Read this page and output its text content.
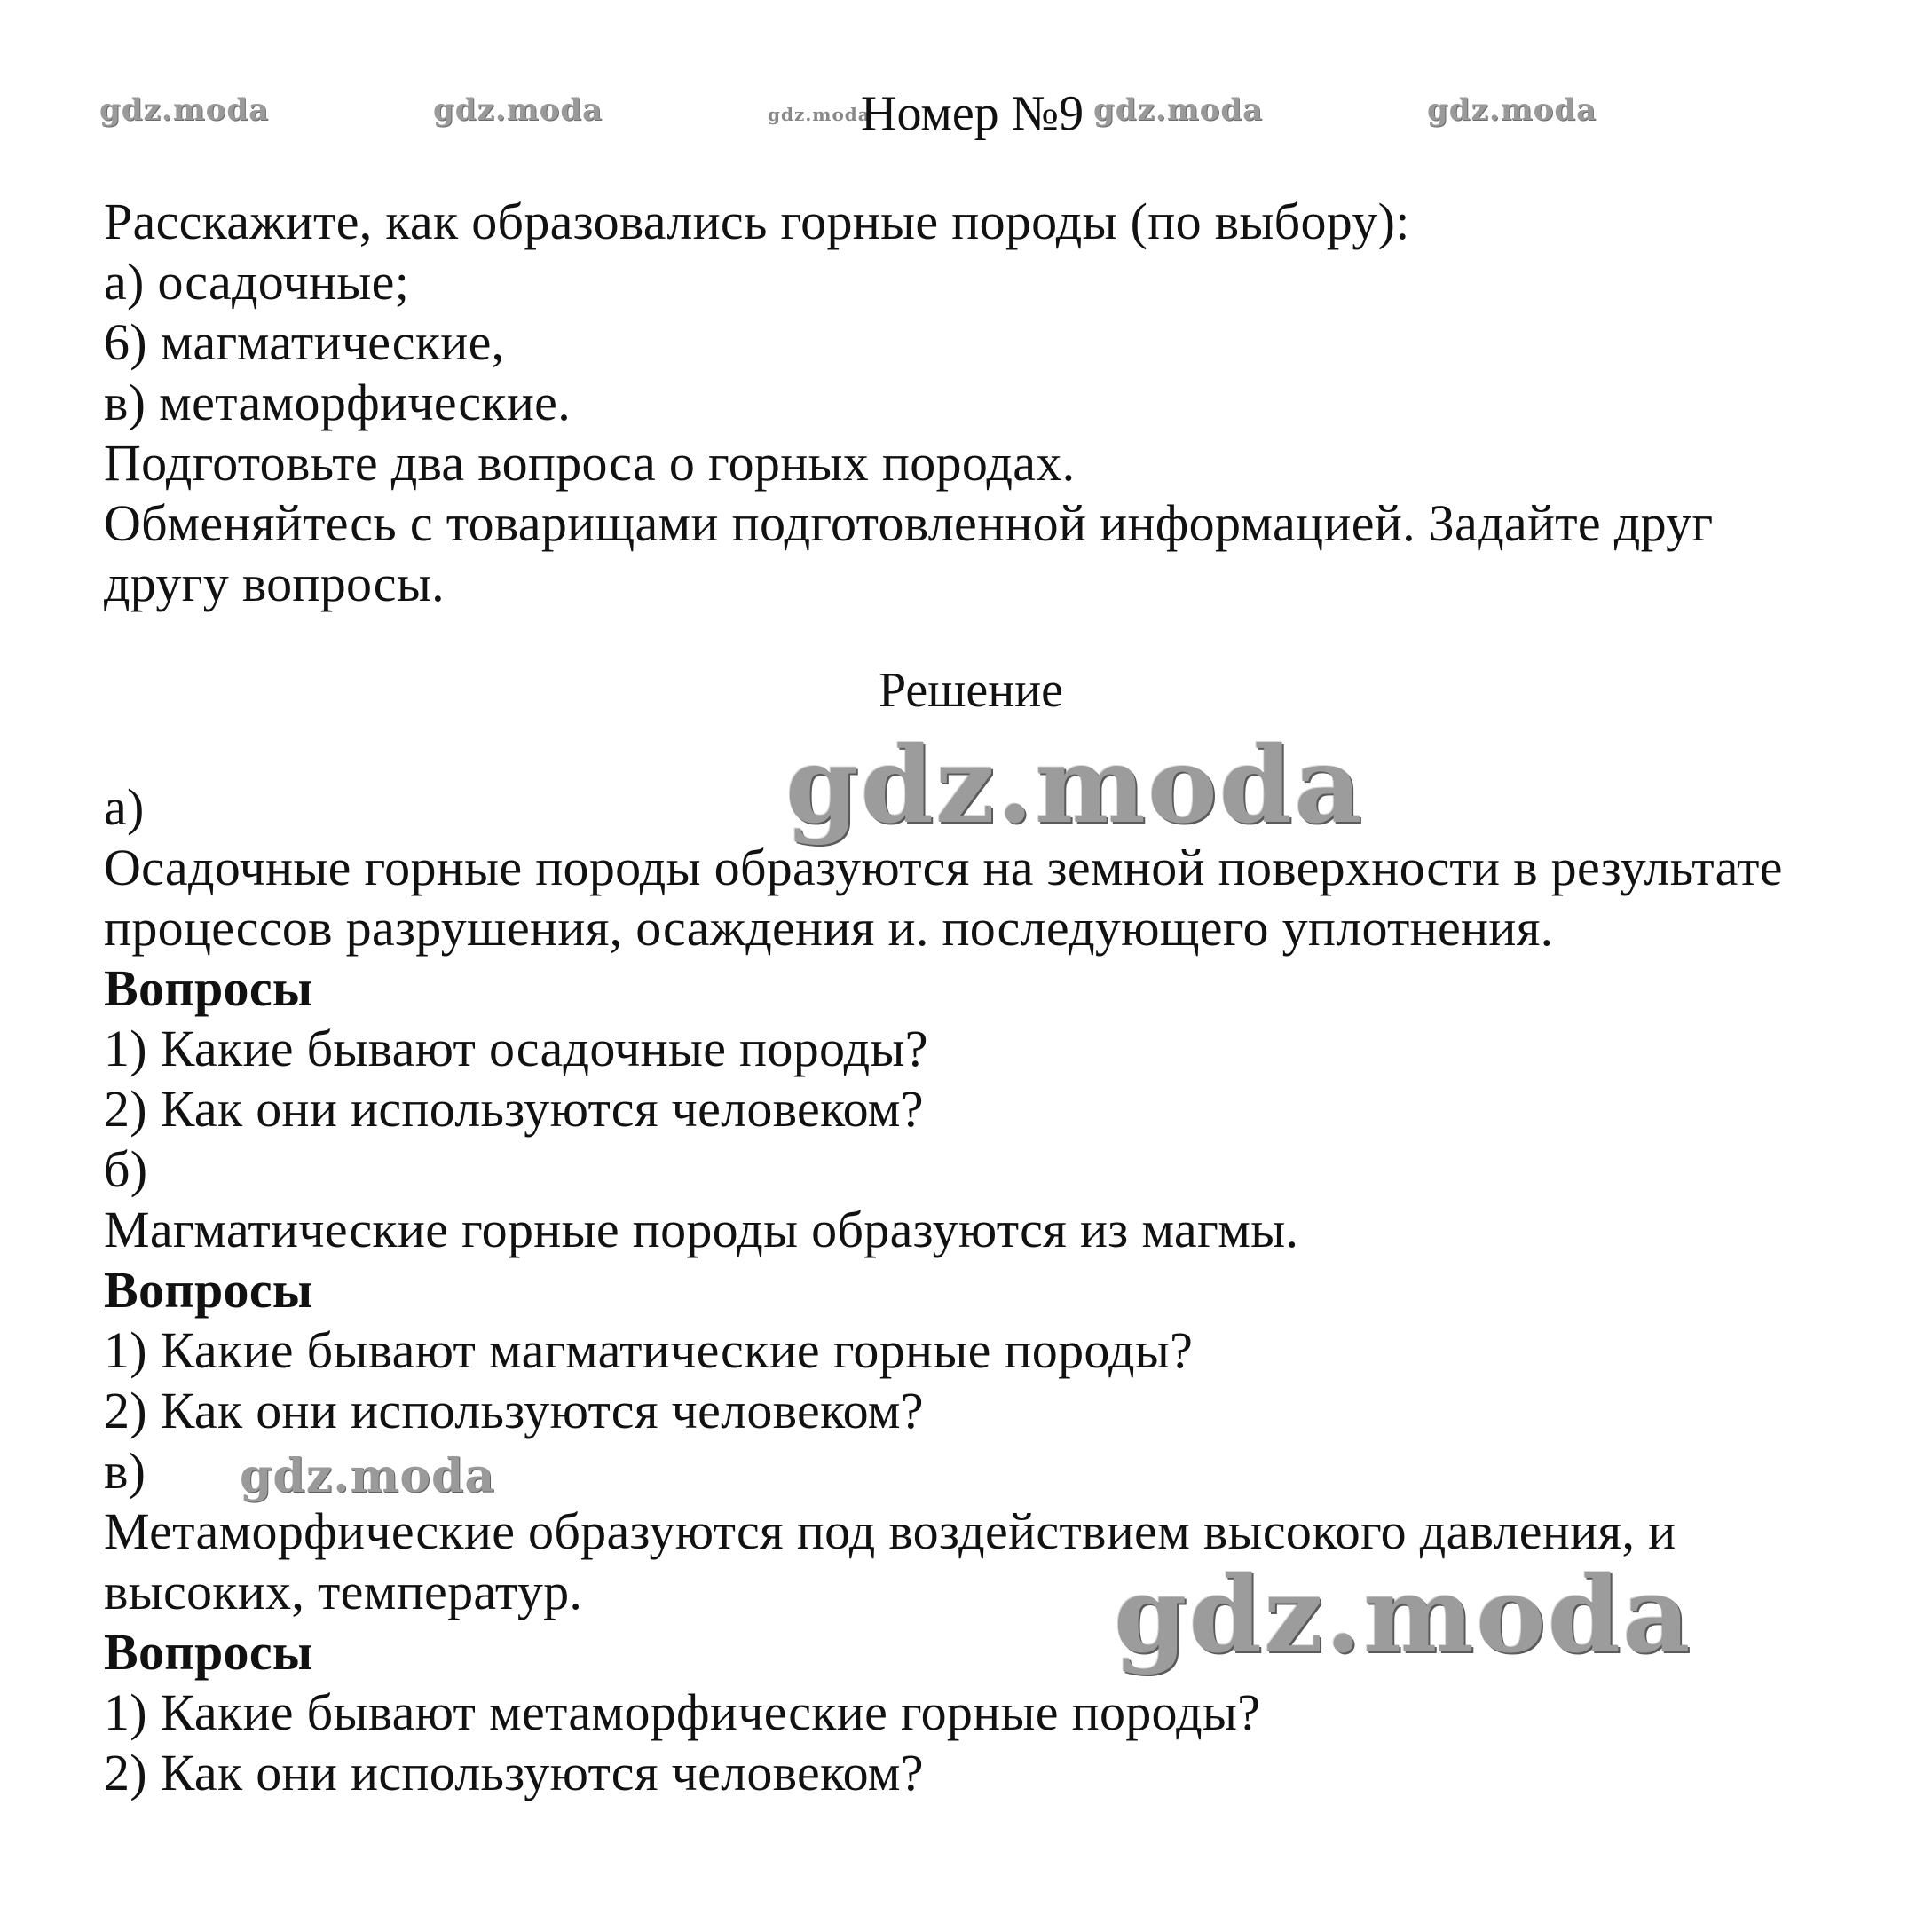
gdz.moda	gdz.moda	gdz.moda	gdz.moda	gdz.moda
Номер №9
Расскажите, как образовались горные породы (по выбору):
а) осадочные;
6) магматические,
в) метаморфические.
Подготовьте два вопроса о горных породах.
Обменяйтесь с товарищами подготовленной информацией. Задайте друг
другу вопросы.
Решение
gdz.moda
а)
Осадочные горные породы образуются на земной поверхности в результате
процессов разрушения, осаждения и. последующего уплотнения.
Вопросы
1) Какие бывают осадочные породы?
2) Как они используются человеком?
б)
Магматические горные породы образуются из магмы.
Вопросы
1) Какие бывают магматические горные породы?
2) Как они используются человеком?
в) gdz.moda
Метаморфические образуются под воздействием высокого давления, и
высоких, температур.	gdz.moda
Вопросы
1) Какие бывают метаморфические горные породы?
2) Как они используются человеком?
